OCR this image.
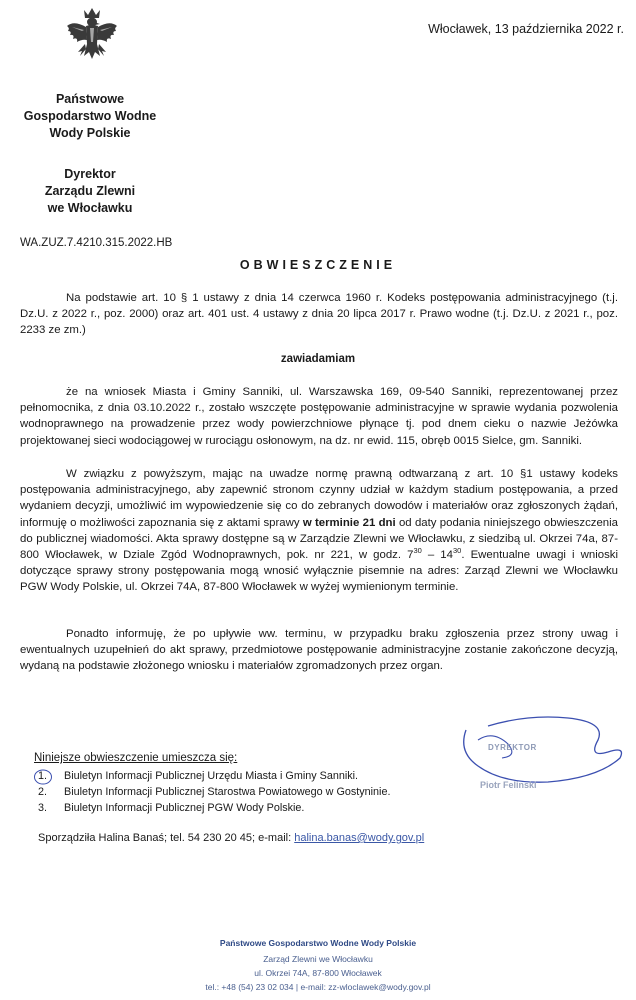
Włocławek, 13 października 2022 r.
Państwowe
Gospodarstwo Wodne
Wody Polskie
Dyrektor
Zarządu Zlewni
we Włocławku
WA.ZUZ.7.4210.315.2022.HB
OBWIESZCZENIE

Na podstawie art. 10 § 1 ustawy z dnia 14 czerwca 1960 r. Kodeks postępowania administracyjnego (t.j. Dz.U. z 2022 r., poz. 2000) oraz art. 401 ust. 4 ustawy z dnia 20 lipca 2017 r. Prawo wodne (t.j. Dz.U. z 2021 r., poz. 2233 ze zm.)

zawiadamiam

że na wniosek Miasta i Gminy Sanniki, ul. Warszawska 169, 09-540 Sanniki, reprezentowanej przez pełnomocnika, z dnia 03.10.2022 r., zostało wszczęte postępowanie administracyjne w sprawie wydania pozwolenia wodnoprawnego na prowadzenie przez wody powierzchniowe płynące tj. pod dnem cieku o nazwie Jeżówka projektowanej sieci wodociągowej w rurociągu osłonowym, na dz. nr ewid. 115, obręb 0015 Sielce, gm. Sanniki.

W związku z powyższym, mając na uwadze normę prawną odtwarzaną z art. 10 §1 ustawy kodeks postępowania administracyjnego, aby zapewnić stronom czynny udział w każdym stadium postępowania, a przed wydaniem decyzji, umożliwić im wypowiedzenie się co do zebranych dowodów i materiałów oraz zgłoszonych żądań, informuję o możliwości zapoznania się z aktami sprawy w terminie 21 dni od daty podania niniejszego obwieszczenia do publicznej wiadomości. Akta sprawy dostępne są w Zarządzie Zlewni we Włocławku, z siedzibą ul. Okrzei 74a, 87-800 Włocławek, w Dziale Zgód Wodnoprawnych, pok. nr 221, w godz. $7^{30} - 14^{30}$. Ewentualne uwagi i wnioski dotyczące sprawy strony postępowania mogą wnosić wyłącznie pisemnie na adres: Zarząd Zlewni we Włocławku PGW Wody Polskie, ul. Okrzei 74A, 87-800 Włocławek w wyżej wymienionym terminie.

Ponadto informuję, że po upływie ww. terminu, w przypadku braku zgłoszenia przez strony uwag i ewentualnych uzupełnień do akt sprawy, przedmiotowe postępowanie administracyjne zostanie zakończone decyzją, wydaną na podstawie złożonego wniosku i materiałów zgromadzonych przez organ.

DYREKTOR
Piotr Felinski
Niniejsze obwieszczenie umieszcza się:
1.	Biuletyn Informacji Publicznej Urzędu Miasta i Gminy Sanniki.
2.	Biuletyn Informacji Publicznej Starostwa Powiatowego w Gostyninie.
3.	Biuletyn Informacji Publicznej PGW Wody Polskie.
Sporządziła Halina Banaś; tel. 54 230 20 45; e-mail: halina.banas@wody.gov.pl
Państwowe Gospodarstwo Wodne Wody Polskie
Zarząd Zlewni we Włocławku
ul. Okrzei 74A, 87-800 Włocławek
tel.: +48 (54) 23 02 034 | e-mail: zz-wloclawek@wody.gov.pl
